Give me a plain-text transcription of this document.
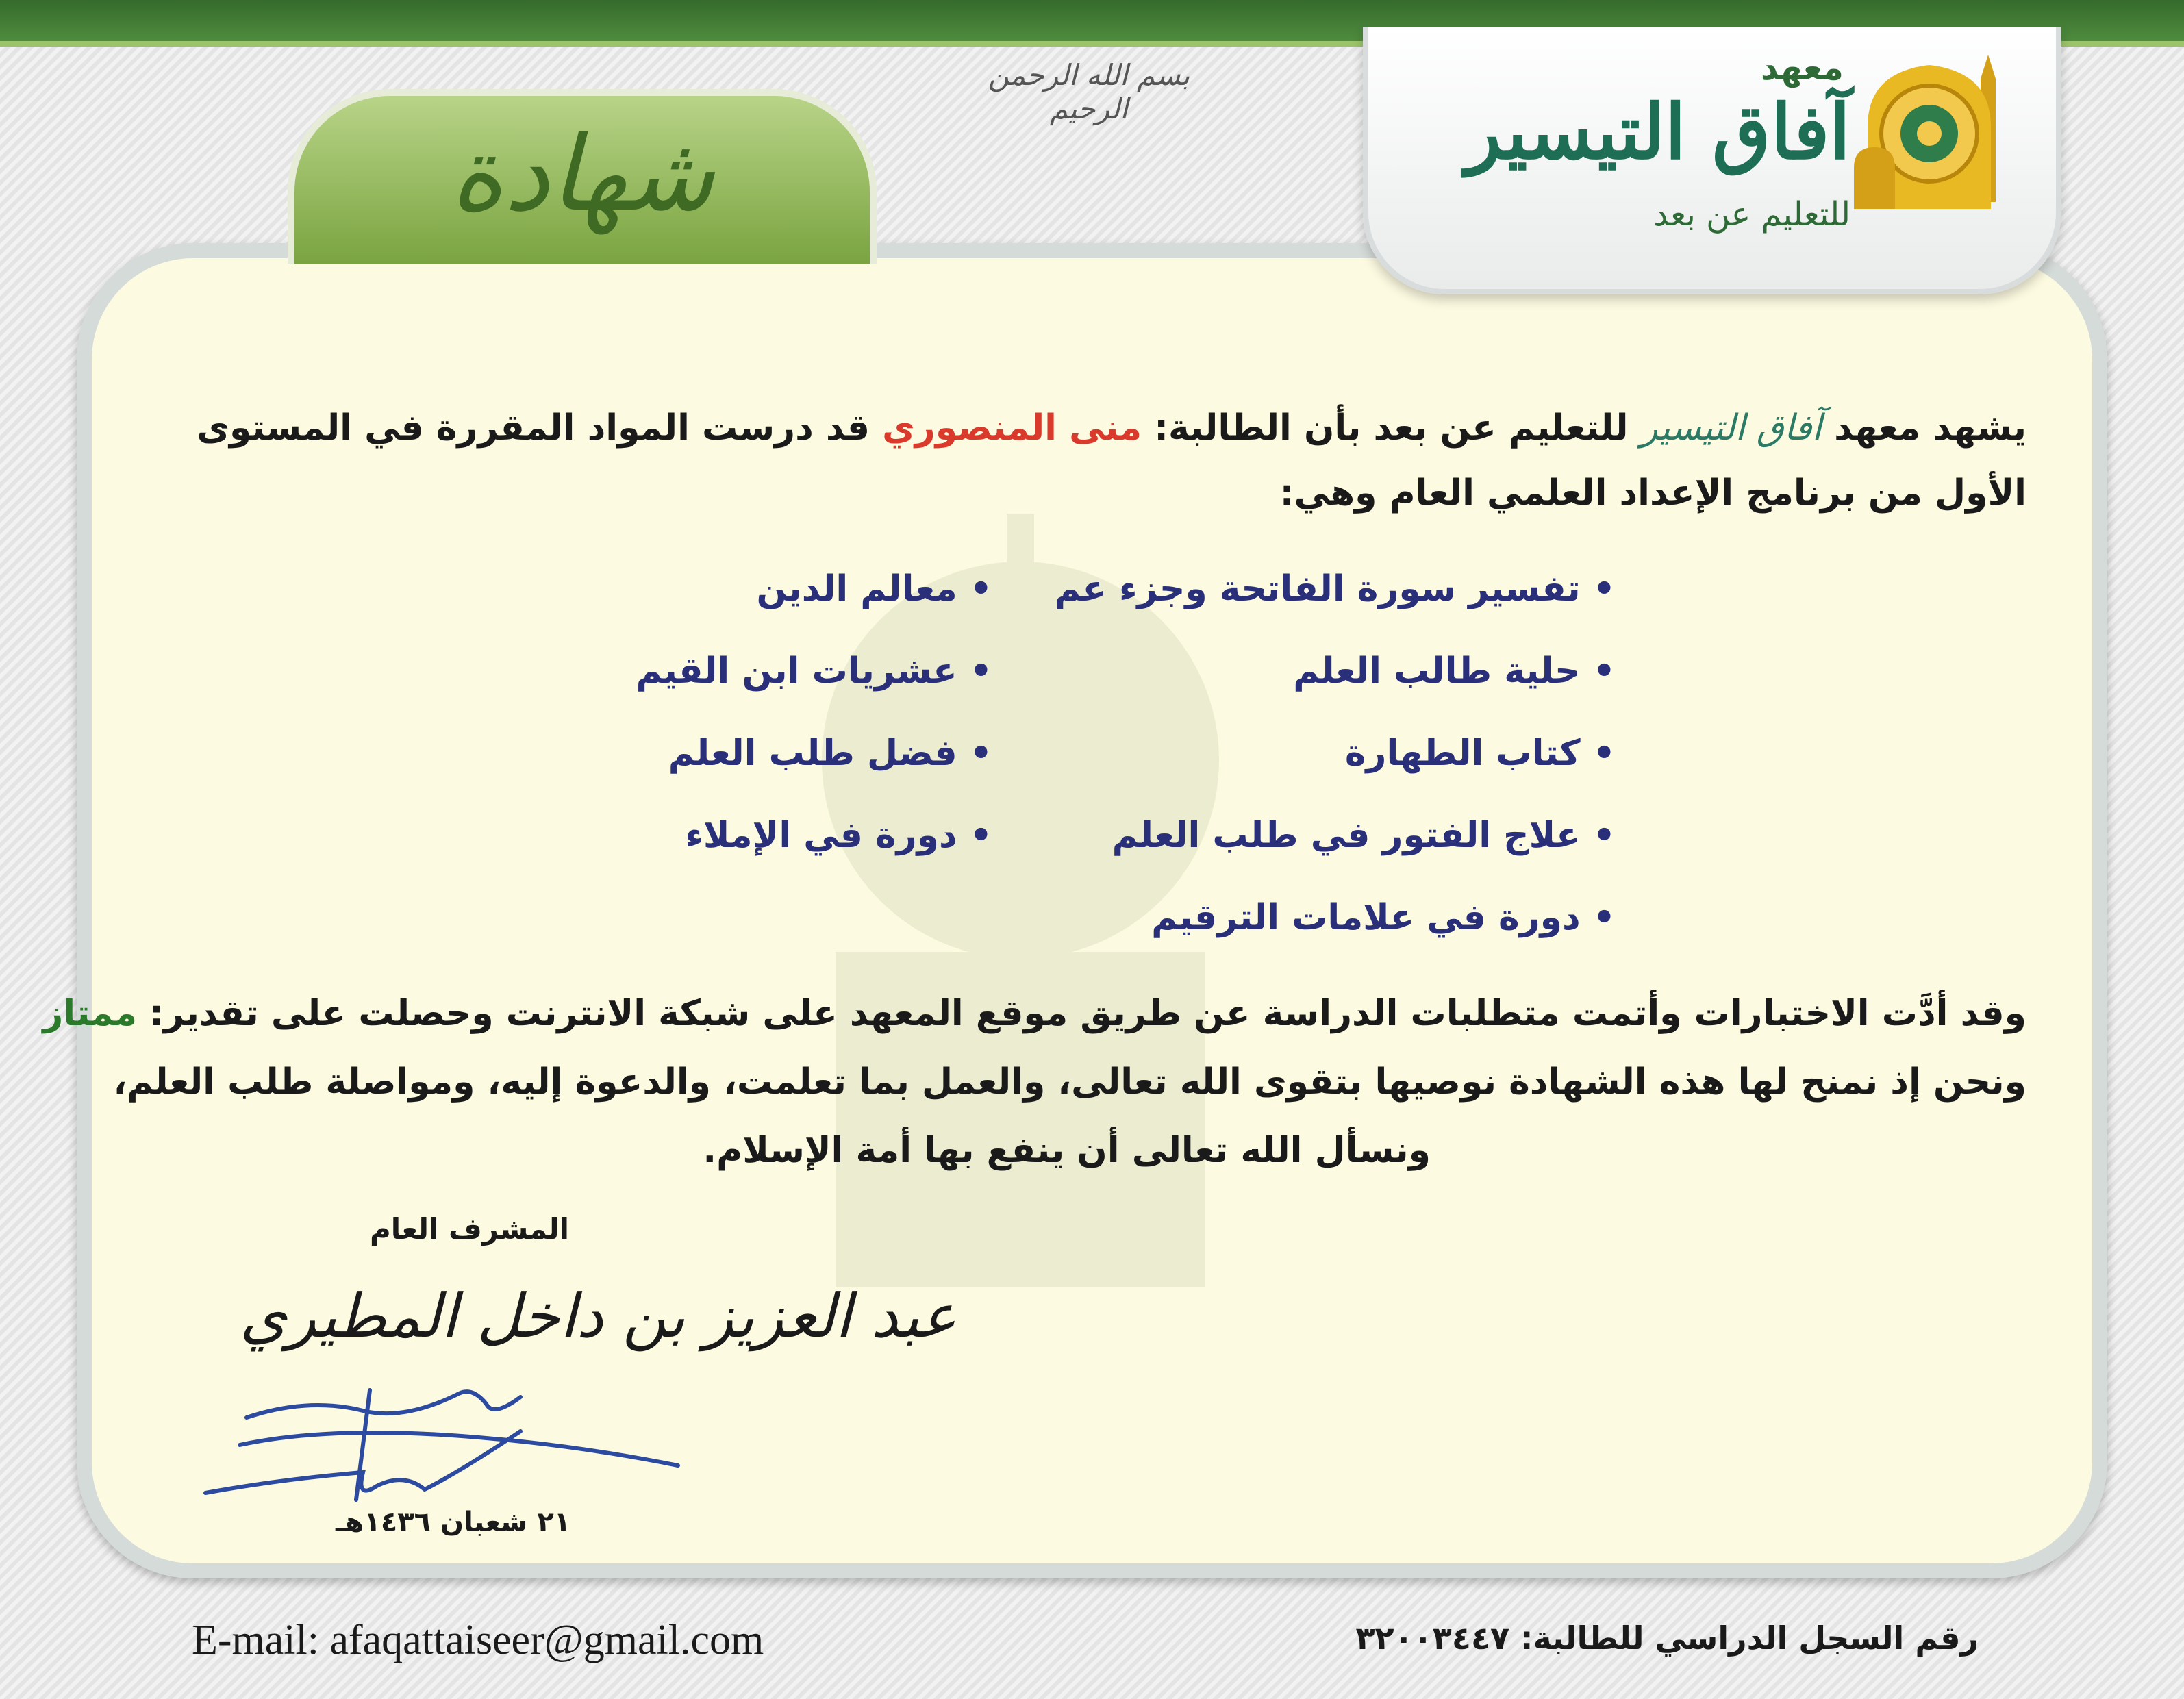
شهادة
بسم الله الرحمن الرحيم
معهد
آفاق التيسير
للتعليم عن بعد
يشهد معهد آفاق التيسير للتعليم عن بعد بأن الطالبة: منى المنصوري قد درست المواد المقررة في المستوى
الأول من برنامج الإعداد العلمي العام وهي:
• تفسير سورة الفاتحة وجزء عم
• حلية طالب العلم
• كتاب الطهارة
• علاج الفتور في طلب العلم
• دورة في علامات الترقيم
• معالم الدين
• عشريات ابن القيم
• فضل طلب العلم
• دورة في الإملاء
وقد أدَّت الاختبارات وأتمت متطلبات الدراسة عن طريق موقع المعهد على شبكة الانترنت وحصلت على تقدير: ممتاز
ونحن إذ نمنح لها هذه الشهادة نوصيها بتقوى الله تعالى، والعمل بما تعلمت، والدعوة إليه، ومواصلة طلب العلم،
ونسأل الله تعالى أن ينفع بها أمة الإسلام.
المشرف العام
عبد العزيز بن داخل المطيري
٢١ شعبان ١٤٣٦هـ
رقم السجل الدراسي للطالبة: ٣٢٠٠٣٤٤٧
E-mail: afaqattaiseer@gmail.com
